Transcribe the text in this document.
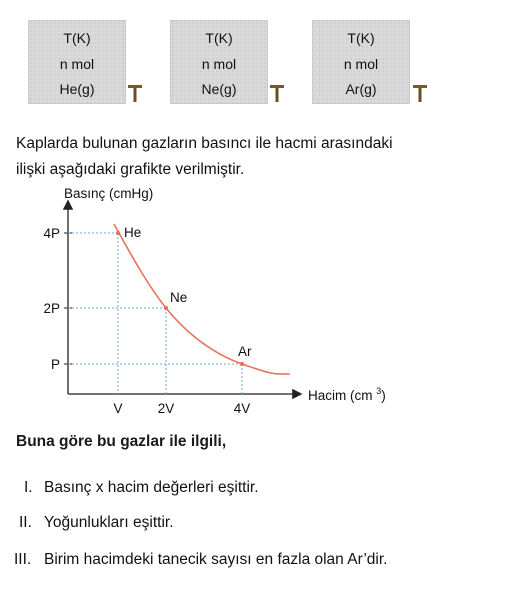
T(K)
n mol
He(g)
T(K)
n mol
Ne(g)
T(K)
n mol
Ar(g)
Kaplarda bulunan gazların basıncı ile hacmi arasındaki
ilişki aşağıdaki grafikte verilmiştir.
Basınç (cmHg)
Hacim (cm $^3$)
P
2P
4P
V	2V	4V
He
Ne
Ar
Buna göre bu gazlar ile ilgili,
I. Basınç x hacim değerleri eşittir.
II. Yoğunlukları eşittir.
III. Birim hacimdeki tanecik sayısı en fazla olan Ar’dir.
